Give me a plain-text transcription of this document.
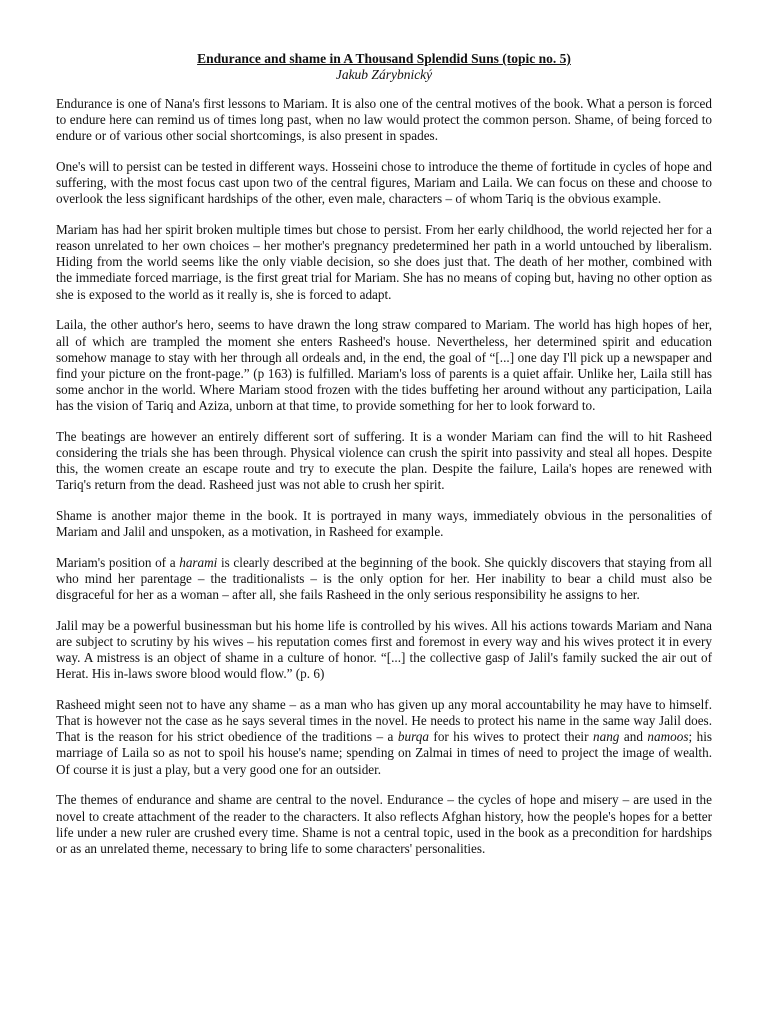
Endurance and shame in A Thousand Splendid Suns (topic no. 5)

Jakub Zárybnický

Endurance is one of Nana's first lessons to Mariam. It is also one of the central motives of the book. What a person is forced to endure here can remind us of times long past, when no law would protect the common person. Shame, of being forced to endure or of various other social shortcomings, is also present in spades.

One's will to persist can be tested in different ways. Hosseini chose to introduce the theme of fortitude in cycles of hope and suffering, with the most focus cast upon two of the central figures, Mariam and Laila. We can focus on these and choose to overlook the less significant hardships of the other, even male, characters – of whom Tariq is the obvious example.

Mariam has had her spirit broken multiple times but chose to persist. From her early childhood, the world rejected her for a reason unrelated to her own choices – her mother's pregnancy predetermined her path in a world untouched by liberalism. Hiding from the world seems like the only viable decision, so she does just that. The death of her mother, combined with the immediate forced marriage, is the first great trial for Mariam. She has no means of coping but, having no other option as she is exposed to the world as it really is, she is forced to adapt.

Laila, the other author's hero, seems to have drawn the long straw compared to Mariam. The world has high hopes of her, all of which are trampled the moment she enters Rasheed's house. Nevertheless, her determined spirit and education somehow manage to stay with her through all ordeals and, in the end, the goal of “[...] one day I'll pick up a newspaper and find your picture on the front-page.” (p 163) is fulfilled. Mariam's loss of parents is a quiet affair. Unlike her, Laila still has some anchor in the world. Where Mariam stood frozen with the tides buffeting her around without any participation, Laila has the vision of Tariq and Aziza, unborn at that time, to provide something for her to look forward to.

The beatings are however an entirely different sort of suffering. It is a wonder Mariam can find the will to hit Rasheed considering the trials she has been through. Physical violence can crush the spirit into passivity and steal all hopes. Despite this, the women create an escape route and try to execute the plan. Despite the failure, Laila's hopes are renewed with Tariq's return from the dead. Rasheed just was not able to crush her spirit.

Shame is another major theme in the book. It is portrayed in many ways, immediately obvious in the personalities of Mariam and Jalil and unspoken, as a motivation, in Rasheed for example.

Mariam's position of a harami is clearly described at the beginning of the book. She quickly discovers that staying from all who mind her parentage – the traditionalists – is the only option for her. Her inability to bear a child must also be disgraceful for her as a woman – after all, she fails Rasheed in the only serious responsibility he assigns to her.

Jalil may be a powerful businessman but his home life is controlled by his wives. All his actions towards Mariam and Nana are subject to scrutiny by his wives – his reputation comes first and foremost in every way and his wives protect it in every way. A mistress is an object of shame in a culture of honor. “[...] the collective gasp of Jalil's family sucked the air out of Herat. His in-laws swore blood would flow.” (p. 6)

Rasheed might seen not to have any shame – as a man who has given up any moral accountability he may have to himself. That is however not the case as he says several times in the novel. He needs to protect his name in the same way Jalil does. That is the reason for his strict obedience of the traditions – a burqa for his wives to protect their nang and namoos; his marriage of Laila so as not to spoil his house's name; spending on Zalmai in times of need to project the image of wealth. Of course it is just a play, but a very good one for an outsider.

The themes of endurance and shame are central to the novel. Endurance – the cycles of hope and misery – are used in the novel to create attachment of the reader to the characters. It also reflects Afghan history, how the people's hopes for a better life under a new ruler are crushed every time. Shame is not a central topic, used in the book as a precondition for hardships or as an unrelated theme, necessary to bring life to some characters' personalities.
